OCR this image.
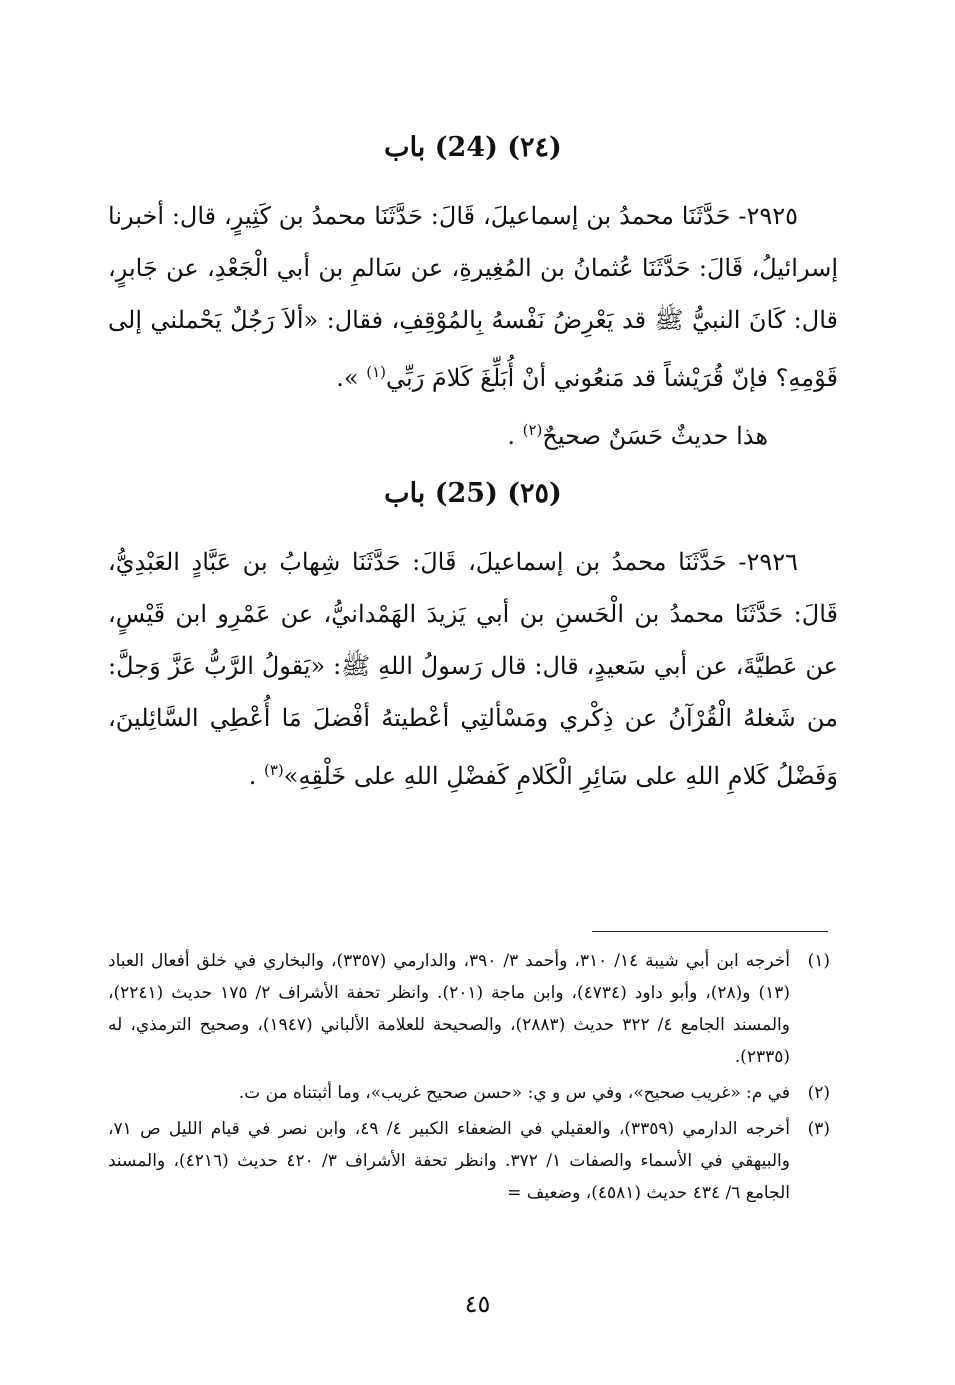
(٢٤) (24) باب

٢٩٢٥- حَدَّثَنَا محمدُ بن إسماعيلَ، قَالَ: حَدَّثَنَا محمدُ بن كَثِيرٍ، قال: أخبرنا إسرائيلُ، قَالَ: حَدَّثَنَا عُثمانُ بن المُغِيرةِ، عن سَالمِ بن أبي الْجَعْدِ، عن جَابرٍ، قال: كَانَ النبيُّ ﷺ قد يَعْرِضُ نَفْسهُ بِالمُوْقِفِ، فقال: «ألاَ رَجُلٌ يَحْملني إلى قَوْمِهِ؟ فإنّ قُرَيْشاً قد مَنعُوني أنْ أُبَلِّغَ كَلامَ رَبِّي$^{(١)}$ ».

هذا حديثٌ حَسَنٌ صحيحٌ$^{(٢)}$ .

(٢٥) (25) باب

٢٩٢٦- حَدَّثَنَا محمدُ بن إسماعيلَ، قَالَ: حَدَّثَنَا شِهابُ بن عَبَّادٍ العَبْدِيُّ، قَالَ: حَدَّثَنَا محمدُ بن الْحَسنِ بن أبي يَزيدَ الهَمْدانيُّ، عن عَمْرِو ابن قَيْسٍ، عن عَطيَّةَ، عن أبي سَعيدٍ، قال: قال رَسولُ اللهِ ﷺ: «يَقولُ الرَّبُّ عَزَّ وَجلَّ: من شَغلهُ الْقُرْآنُ عن ذِكْري ومَسْألتِي أعْطيتهُ أفْضلَ مَا أُعْطِي السَّائِلينَ، وَفَضْلُ كَلامِ اللهِ على سَائِرِ الْكَلامِ كَفضْلِ اللهِ على خَلْقِهِ»$^{(٣)}$ .

(١)
أخرجه ابن أبي شيبة ١٤/ ٣١٠، وأحمد ٣/ ٣٩٠، والدارمي (٣٣٥٧)، والبخاري في خلق أفعال العباد (١٣) و(٢٨)، وأبو داود (٤٧٣٤)، وابن ماجة (٢٠١). وانظر تحفة الأشراف ٢/ ١٧٥ حديث (٢٢٤١)، والمسند الجامع ٤/ ٣٢٢ حديث (٢٨٨٣)، والصحيحة للعلامة الألباني (١٩٤٧)، وصحيح الترمذي، له (٢٣٣٥).
(٢)
في م: «غريب صحيح»، وفي س و ي: «حسن صحيح غريب»، وما أثبتناه من ت.
(٣)
أخرجه الدارمي (٣٣٥٩)، والعقيلي في الضعفاء الكبير ٤/ ٤٩، وابن نصر في قيام الليل ص ٧١، والبيهقي في الأسماء والصفات ١/ ٣٧٢. وانظر تحفة الأشراف ٣/ ٤٢٠ حديث (٤٢١٦)، والمسند الجامع ٦/ ٤٣٤ حديث (٤٥٨١)، وضعيف =
٤٥
